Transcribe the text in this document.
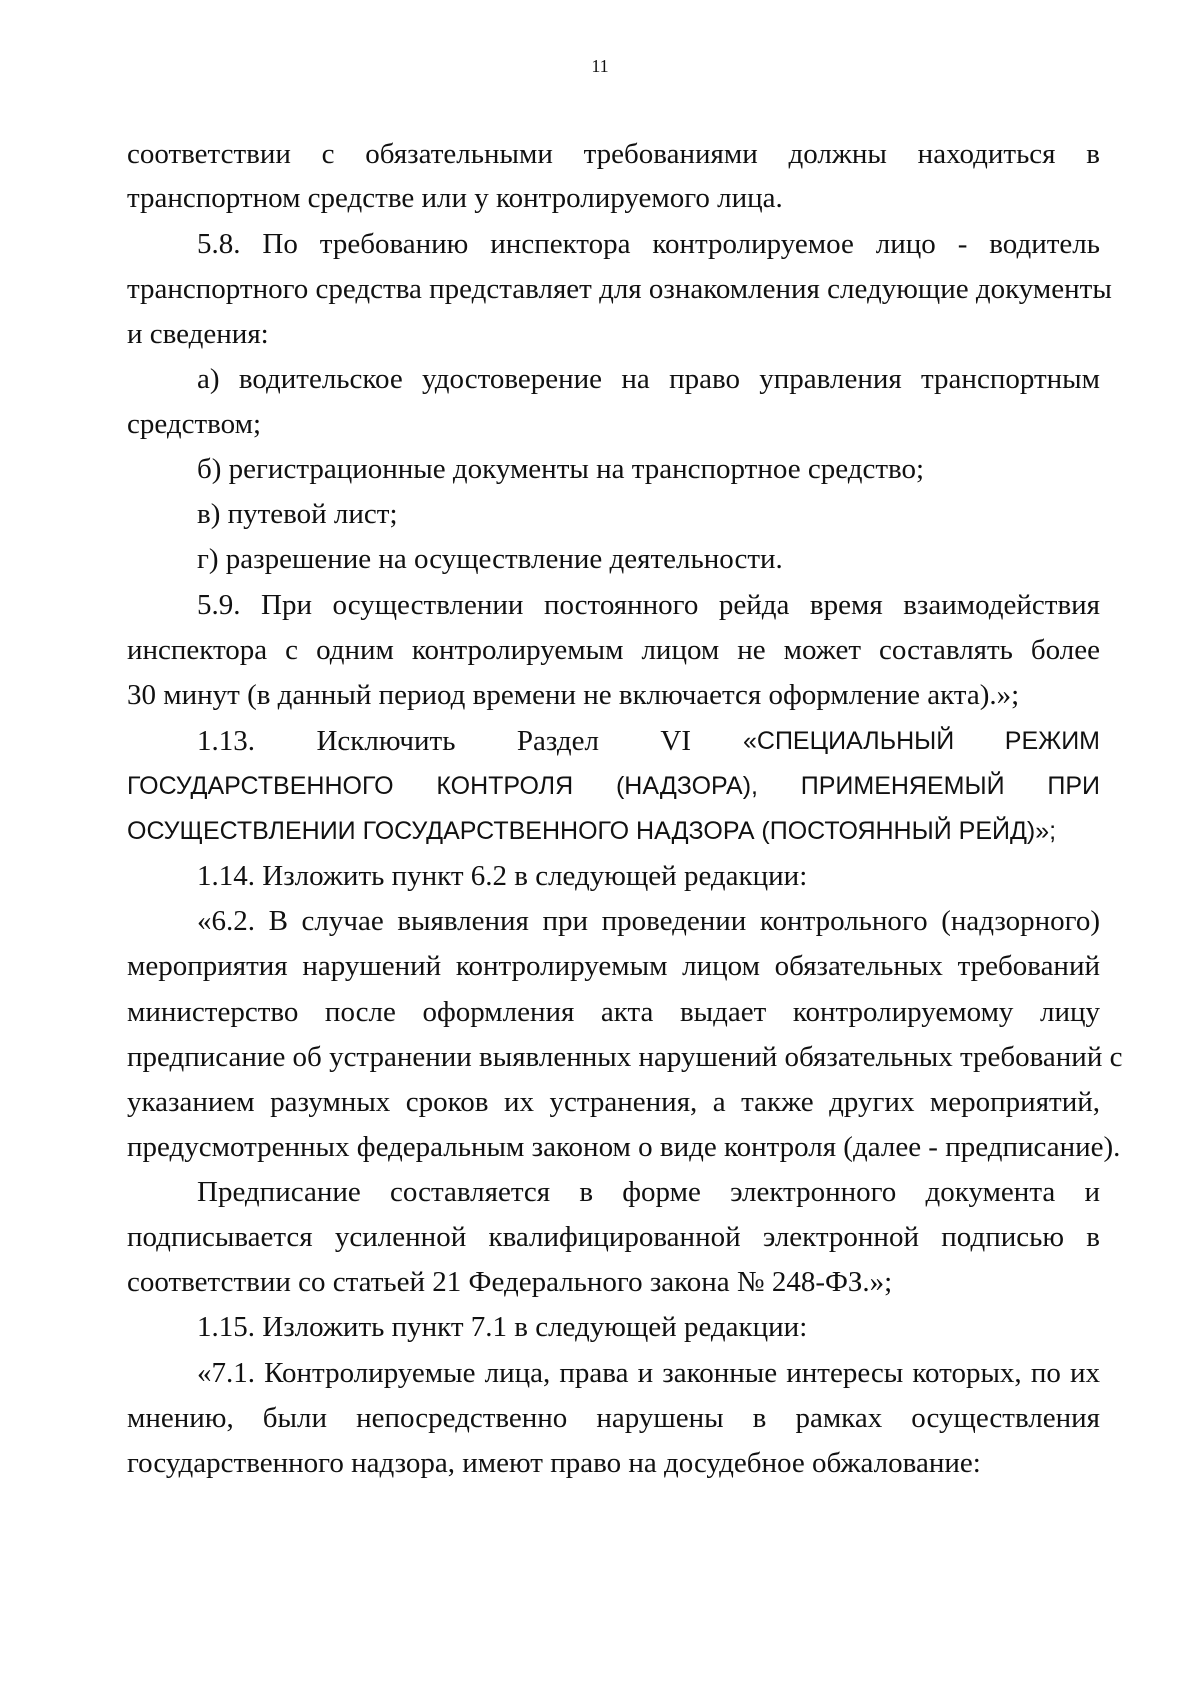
11
соответствии с обязательными требованиями должны находиться в
транспортном средстве или у контролируемого лица.
5.8. По требованию инспектора контролируемое лицо - водитель
транспортного средства представляет для ознакомления следующие документы
и сведения:
а) водительское удостоверение на право управления транспортным
средством;
б) регистрационные документы на транспортное средство;
в) путевой лист;
г) разрешение на осуществление деятельности.
5.9. При осуществлении постоянного рейда время взаимодействия
инспектора с одним контролируемым лицом не может составлять более
30 минут (в данный период времени не включается оформление акта).»;
1.13. Исключить Раздел VI «СПЕЦИАЛЬНЫЙ РЕЖИМ
ГОСУДАРСТВЕННОГО КОНТРОЛЯ (НАДЗОРА), ПРИМЕНЯЕМЫЙ ПРИ
ОСУЩЕСТВЛЕНИИ ГОСУДАРСТВЕННОГО НАДЗОРА (ПОСТОЯННЫЙ РЕЙД)»;
1.14. Изложить пункт 6.2 в следующей редакции:
«6.2. В случае выявления при проведении контрольного (надзорного)
мероприятия нарушений контролируемым лицом обязательных требований
министерство после оформления акта выдает контролируемому лицу
предписание об устранении выявленных нарушений обязательных требований с
указанием разумных сроков их устранения, а также других мероприятий,
предусмотренных федеральным законом о виде контроля (далее - предписание).
Предписание составляется в форме электронного документа и
подписывается усиленной квалифицированной электронной подписью в
соответствии со статьей 21 Федерального закона № 248-ФЗ.»;
1.15. Изложить пункт 7.1 в следующей редакции:
«7.1. Контролируемые лица, права и законные интересы которых, по их
мнению, были непосредственно нарушены в рамках осуществления
государственного надзора, имеют право на досудебное обжалование:
